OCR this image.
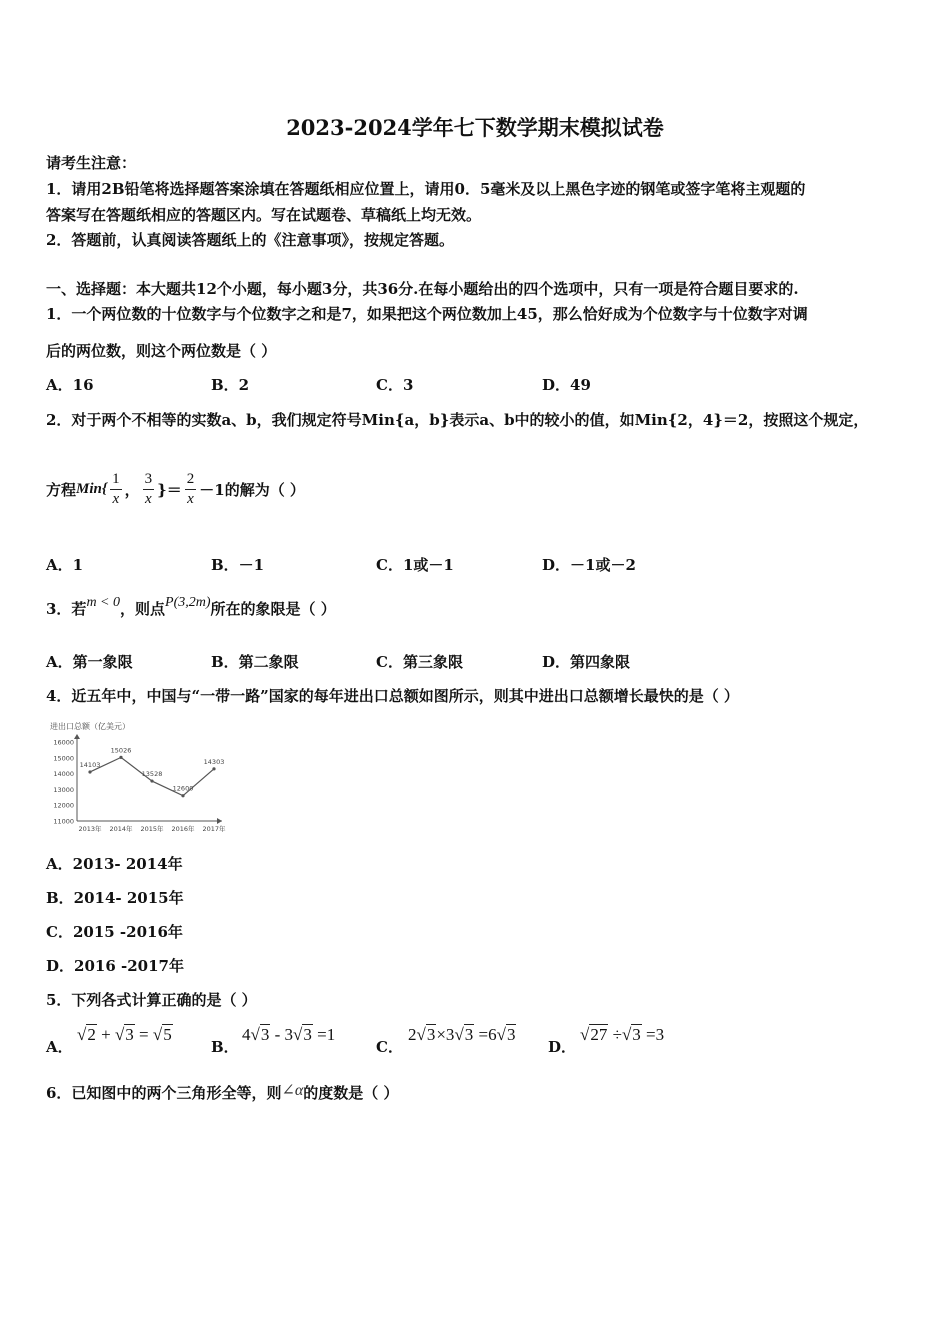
2023-2024学年七下数学期末模拟试卷
请考生注意：
1．请用2B铅笔将选择题答案涂填在答题纸相应位置上，请用0．5毫米及以上黑色字迹的钢笔或签字笔将主观题的
答案写在答题纸相应的答题区内。写在试题卷、草稿纸上均无效。
2．答题前，认真阅读答题纸上的《注意事项》，按规定答题。
一、选择题：本大题共12个小题，每小题3分，共36分.在每小题给出的四个选项中，只有一项是符合题目要求的.
1．一个两位数的十位数字与个位数字之和是7，如果把这个两位数加上45，那么恰好成为个位数字与十位数字对调
后的两位数，则这个两位数是（ ）
A．16	B．2	C．3	D．49
2．对于两个不相等的实数a、b，我们规定符号Min{a，b}表示a、b中的较小的值，如Min{2，4}＝2，按照这个规定，
方程 $Min\{ \frac{1}{x}$ ， $\frac{3}{x}$ }＝ $\frac{2}{x} -1$的解为（ ）
A．1	B．－1	C．1或－1	D．－1或－2
3．若m < 0，则点P(3,2m)所在的象限是（ ）
A．第一象限	B．第二象限	C．第三象限	D．第四象限
4．近五年中，中国与“一带一路”国家的每年进出口总额如图所示，则其中进出口总额增长最快的是（ ）
进出口总额（亿美元）
11000
12000
13000
14000
15000
16000
2013年 2014年 2015年 2016年 2017年
14103
15026
13528
12600
14303
A．2013- 2014年
B．2014- 2015年
C．2015 -2016年
D．2016 -2017年
5．下列各式计算正确的是（ ）
A．
√2 + √3 = √5
B．
4√3 - 3√3 =1
C．
2√3×3√3 =6√3
D．
√27 ÷√3 =3
6．已知图中的两个三角形全等，则∠α的度数是（ ）
